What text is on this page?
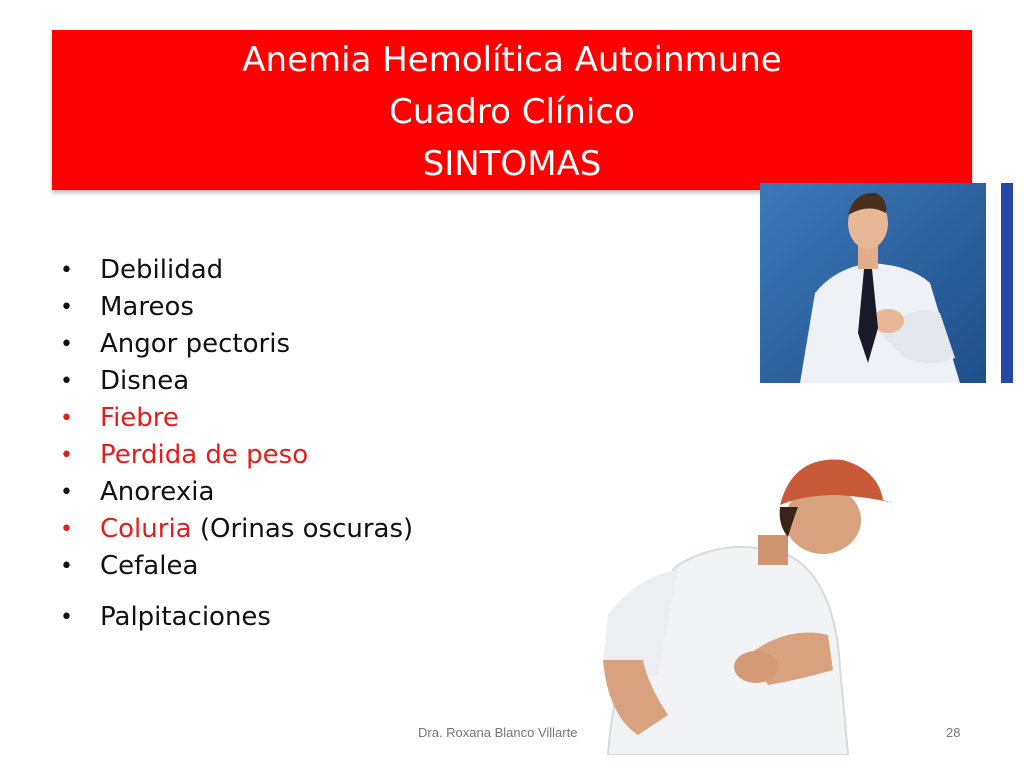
Anemia Hemolítica Autoinmune
Cuadro Clínico
SINTOMAS
•	Debilidad
•	Mareos
•	Angor pectoris
•	Disnea
•	Fiebre
•	Perdida de peso
•	Anorexia
•	Coluria (Orinas oscuras)
•	Cefalea
•	Palpitaciones
Dra. Roxana Blanco Villarte	28
